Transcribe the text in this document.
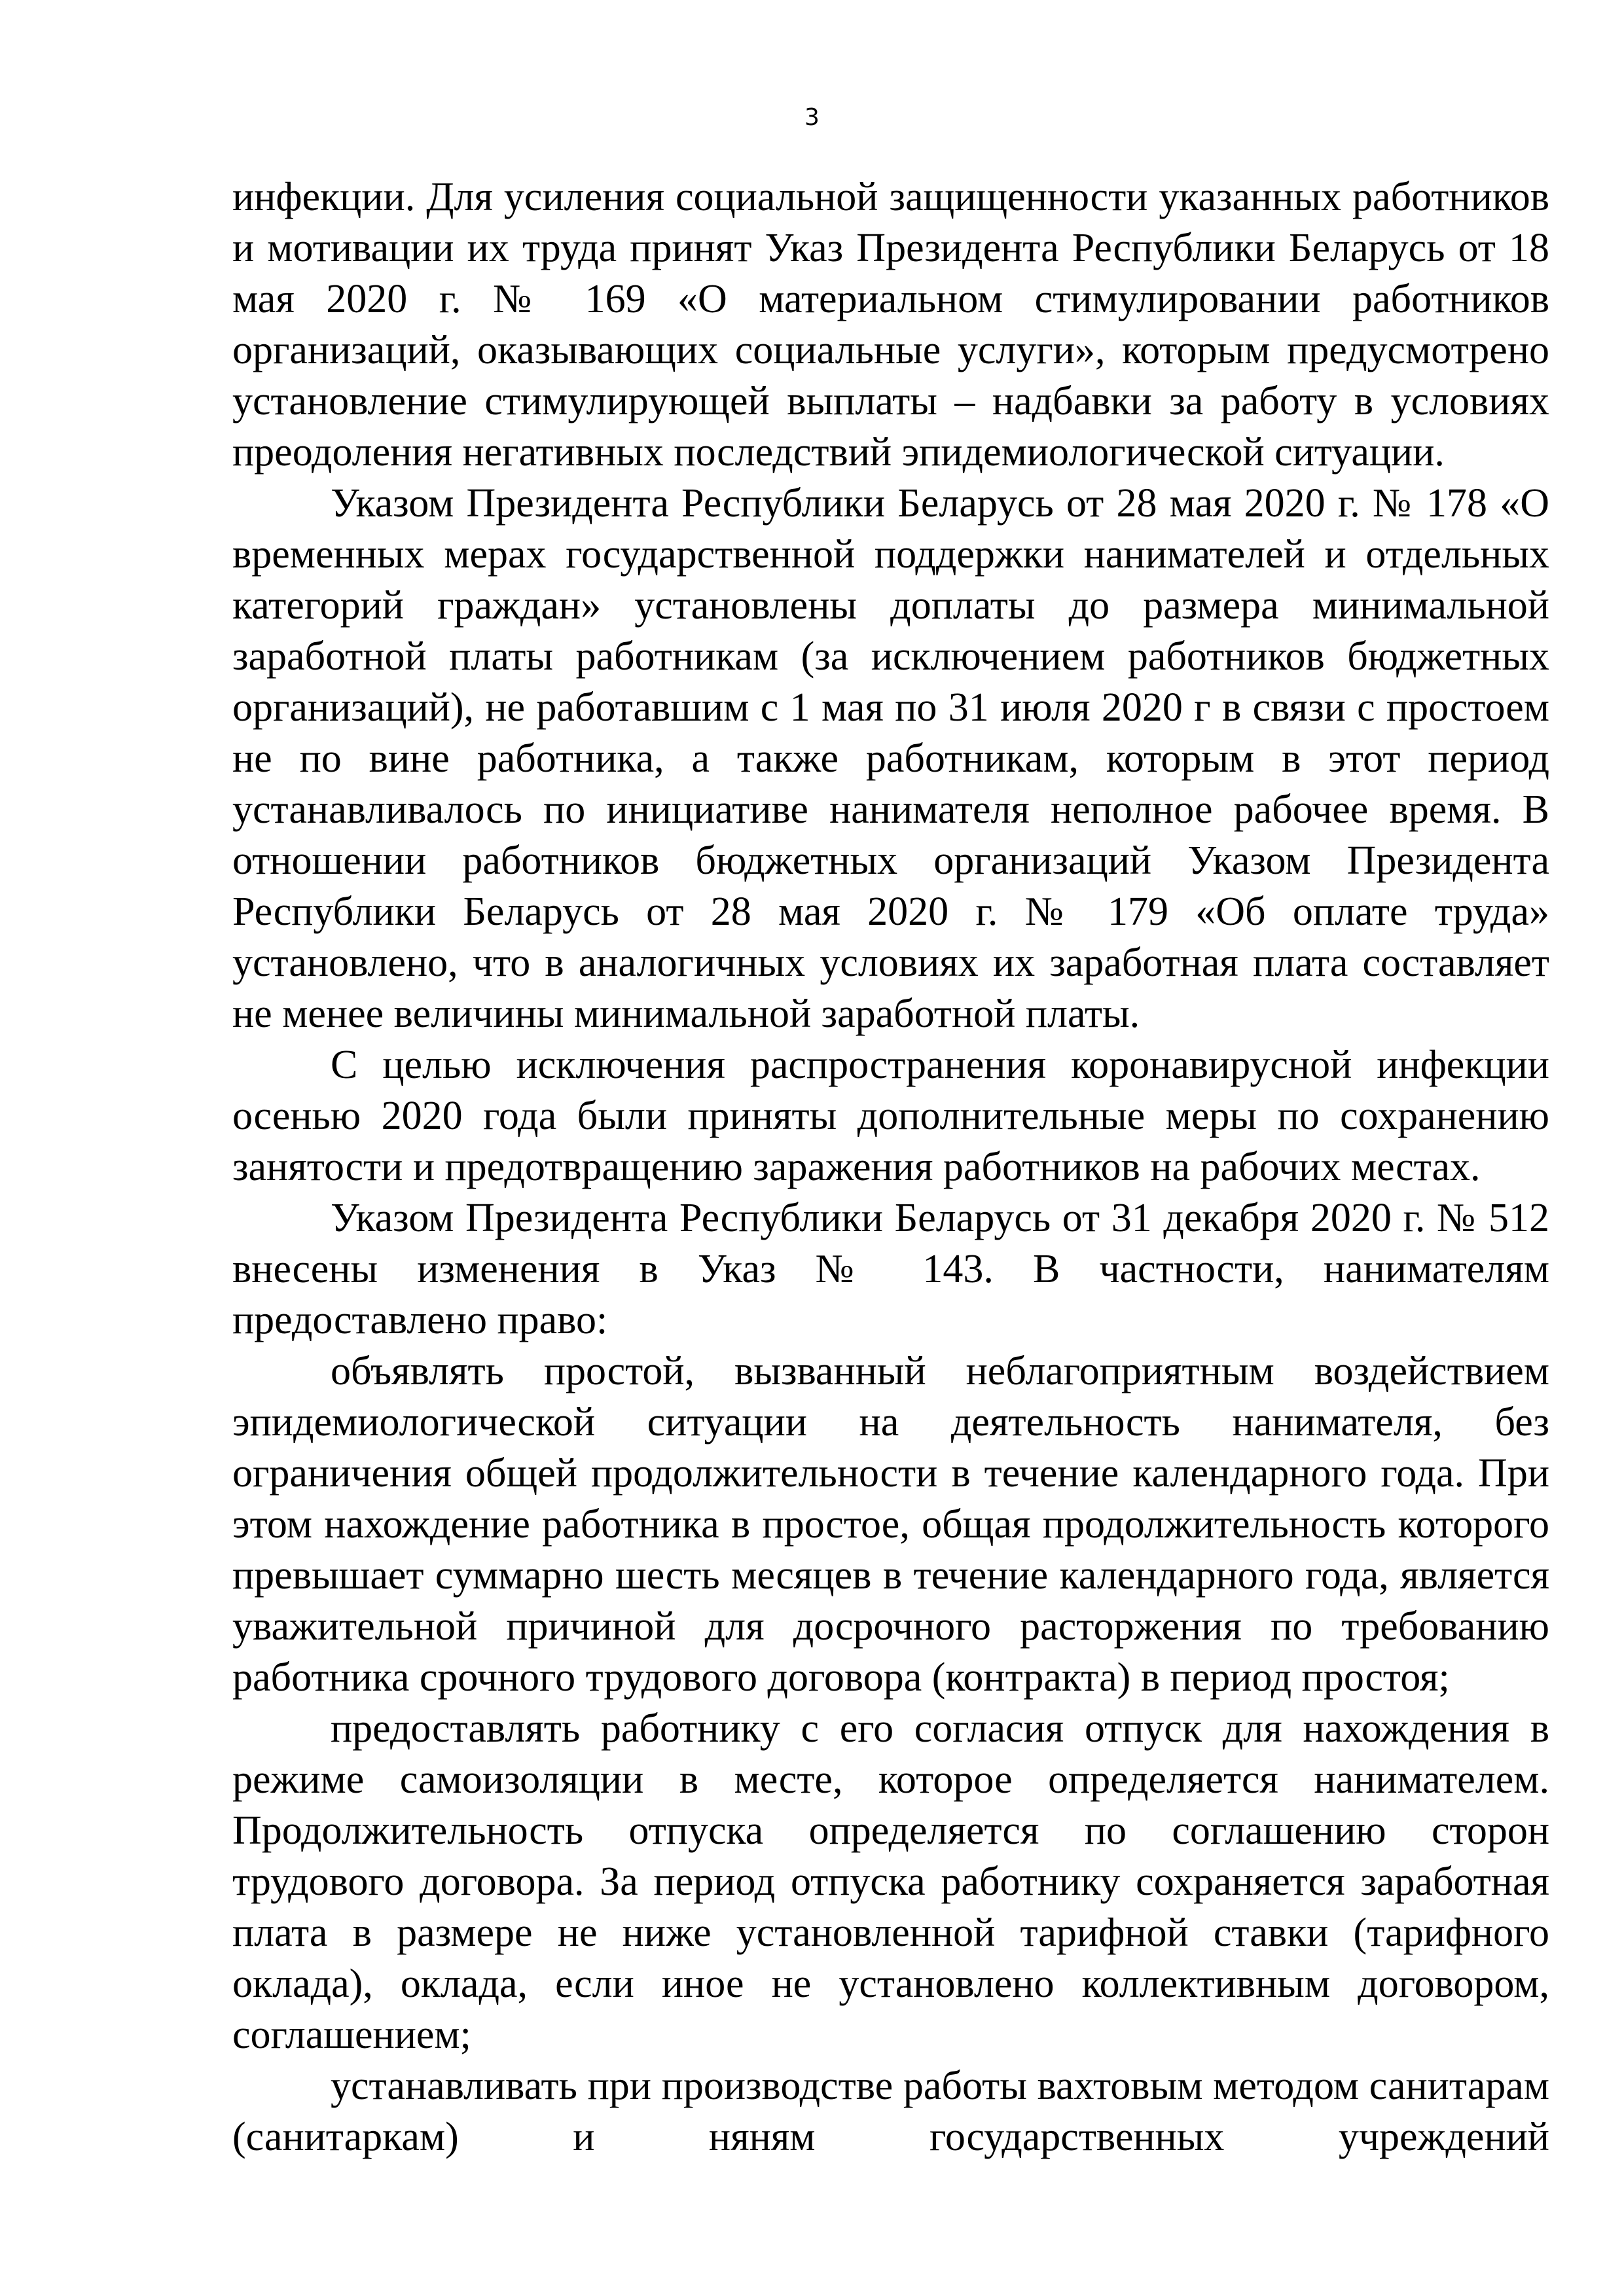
3

инфекции. Для усиления социальной защищенности указанных работников и мотивации их труда принят Указ Президента Республики Беларусь от 18 мая 2020 г. № 169 «О материальном стимулировании работников организаций, оказывающих социальные услуги», которым предусмотрено установление стимулирующей выплаты – надбавки за работу в условиях преодоления негативных последствий эпидемиологической ситуации.

Указом Президента Республики Беларусь от 28 мая 2020 г. № 178 «О временных мерах государственной поддержки нанимателей и отдельных категорий граждан» установлены доплаты до размера минимальной заработной платы работникам (за исключением работников бюджетных организаций), не работавшим с 1 мая по 31 июля 2020 г в связи с простоем не по вине работника, а также работникам, которым в этот период устанавливалось по инициативе нанимателя неполное рабочее время. В отношении работников бюджетных организаций Указом Президента Республики Беларусь от 28 мая 2020 г. № 179 «Об оплате труда» установлено, что в аналогичных условиях их заработная плата составляет не менее величины минимальной заработной платы.

С целью исключения распространения коронавирусной инфекции осенью 2020 года были приняты дополнительные меры по сохранению занятости и предотвращению заражения работников на рабочих местах.

Указом Президента Республики Беларусь от 31 декабря 2020 г. № 512 внесены изменения в Указ № 143. В частности, нанимателям предоставлено право:

объявлять простой, вызванный неблагоприятным воздействием эпидемиологической ситуации на деятельность нанимателя, без ограничения общей продолжительности в течение календарного года. При этом нахождение работника в простое, общая продолжительность которого превышает суммарно шесть месяцев в течение календарного года, является уважительной причиной для досрочного расторжения по требованию работника срочного трудового договора (контракта) в период простоя;

предоставлять работнику с его согласия отпуск для нахождения в режиме самоизоляции в месте, которое определяется нанимателем. Продолжительность отпуска определяется по соглашению сторон трудового договора. За период отпуска работнику сохраняется заработная плата в размере не ниже установленной тарифной ставки (тарифного оклада), оклада, если иное не установлено коллективным договором, соглашением;

устанавливать при производстве работы вахтовым методом санитарам (санитаркам) и няням государственных учреждений
